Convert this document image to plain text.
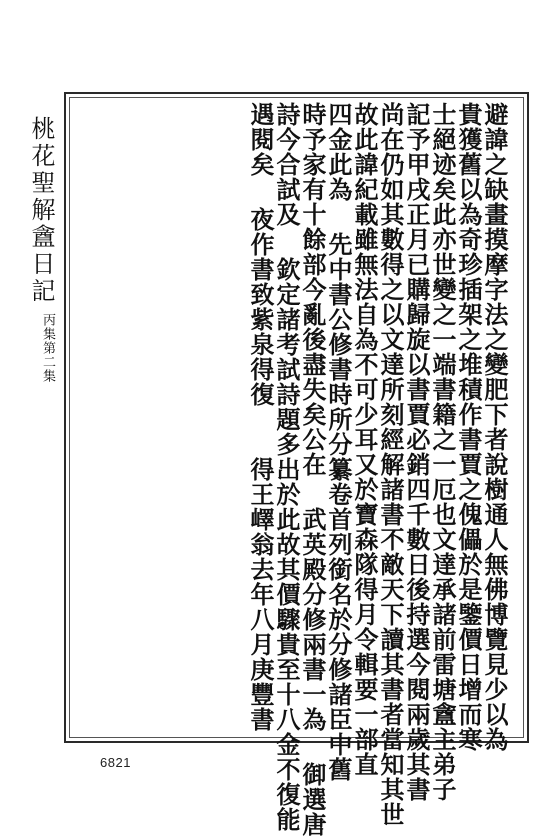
桃花聖解盦日記
丙集第二集	避諱之缺畫摸摩字法之變肥下者說樹通人無佛博覽見少以為
貴獲舊以為奇珍插架之堆積作書賈之傀儡於是鑒價日增而寒
士絕迹矣此亦世變之一端書籍之一厄也文達承諸前雷塘盦主弟子
記予甲戌正月已購歸旋以書賈必銷四千數日後持選今閱兩歲其書
尚在仍如其數得之以文達所刻經解諸書不敵天下讀其書者當知其世
故此諱紀載雖無法自為不可少耳又於寶森隊得月令輯要一部直
四金此為 先中書公修書時所分纂卷首列銜名於分修諸臣中舊
時予家有十餘部今亂後盡失矣公在 武英殿分修兩書一為 御選唐
詩今合試及 欽定諸考試詩題多出於此故其價驟貴至十八金不復能
遇閱矣 夜作書致紫泉得復　　得王嶧翁去年八月庚豐書
6821
